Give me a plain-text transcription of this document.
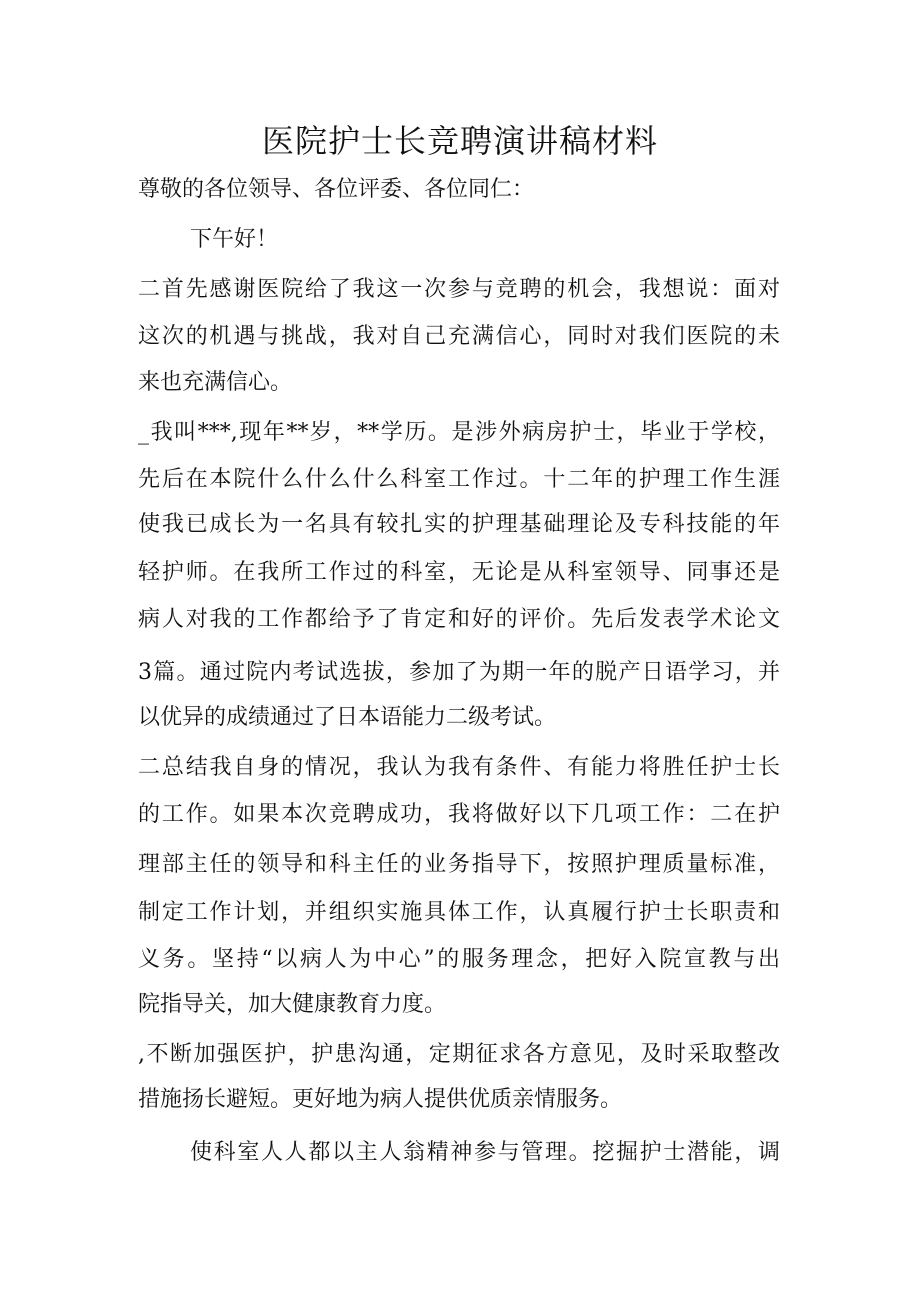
医院护士长竞聘演讲稿材料
尊敬的各位领导、各位评委、各位同仁：
下午好！
二首先感谢医院给了我这一次参与竞聘的机会，我想说：面对
这次的机遇与挑战，我对自己充满信心，同时对我们医院的未
来也充满信心。
_我叫***,现年**岁，**学历。是涉外病房护士，毕业于学校，
先后在本院什么什么什么科室工作过。十二年的护理工作生涯
使我已成长为一名具有较扎实的护理基础理论及专科技能的年
轻护师。在我所工作过的科室，无论是从科室领导、同事还是
病人对我的工作都给予了肯定和好的评价。先后发表学术论文
3篇。通过院内考试选拔，参加了为期一年的脱产日语学习，并
以优异的成绩通过了日本语能力二级考试。
二总结我自身的情况，我认为我有条件、有能力将胜任护士长
的工作。如果本次竞聘成功，我将做好以下几项工作：二在护
理部主任的领导和科主任的业务指导下，按照护理质量标准，
制定工作计划，并组织实施具体工作，认真履行护士长职责和
义务。坚持“以病人为中心”的服务理念，把好入院宣教与出
院指导关，加大健康教育力度。
,不断加强医护，护患沟通，定期征求各方意见，及时采取整改
措施扬长避短。更好地为病人提供优质亲情服务。
使科室人人都以主人翁精神参与管理。挖掘护士潜能，调
